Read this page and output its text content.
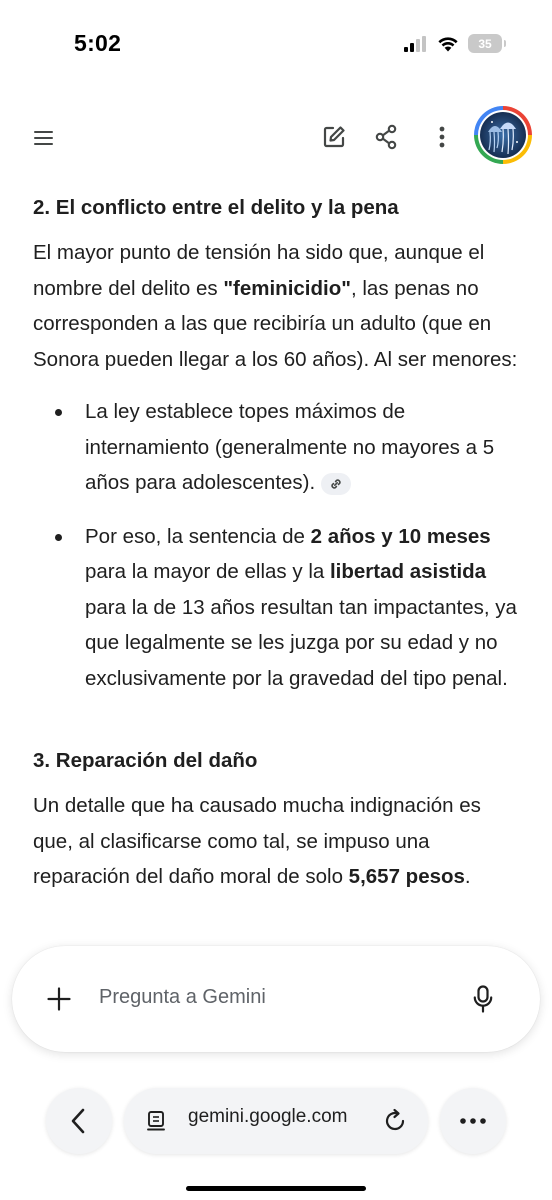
5:02	35
2. El conflicto entre el delito y la pena

El mayor punto de tensión ha sido que, aunque el nombre del delito es "feminicidio", las penas no corresponden a las que recibiría un adulto (que en Sonora pueden llegar a los 60 años). Al ser menores:

La ley establece topes máximos de internamiento (generalmente no mayores a 5 años para adolescentes).
Por eso, la sentencia de 2 años y 10 meses para la mayor de ellas y la libertad asistida para la de 13 años resultan tan impactantes, ya que legalmente se les juzga por su edad y no exclusivamente por la gravedad del tipo penal.
3. Reparación del daño

Un detalle que ha causado mucha indignación es que, al clasificarse como tal, se impuso una reparación del daño moral de solo 5,657 pesos.

Pregunta a Gemini
gemini.google.com
